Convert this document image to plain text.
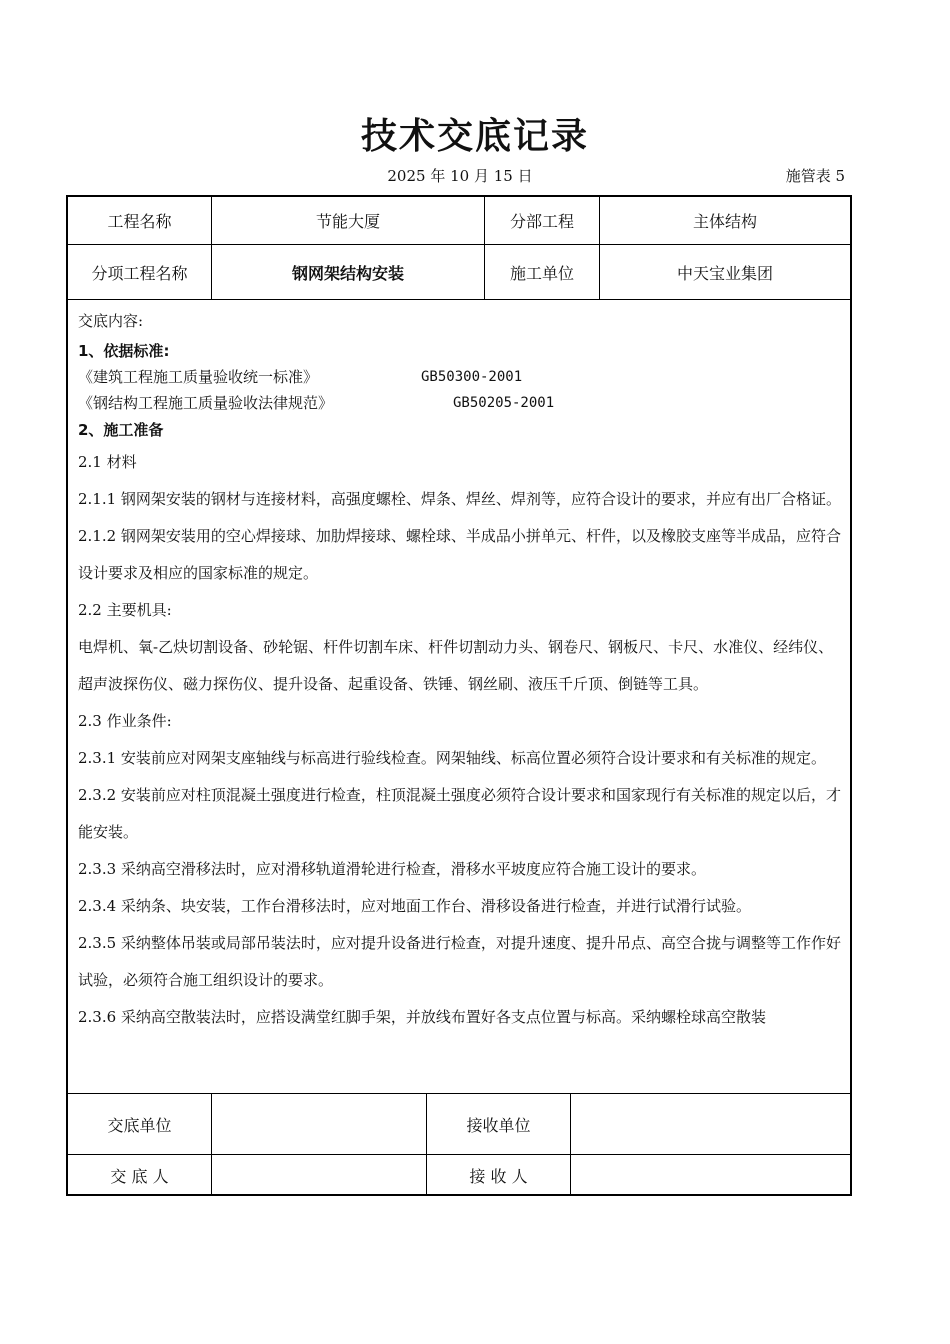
技术交底记录
2025 年 10 月 15 日	施管表 5
工程名称	节能大厦	分部工程	主体结构
分项工程名称	钢网架结构安装	施工单位	中天宝业集团

交底内容:

1、依据标准:

《建筑工程施工质量验收统一标准》	GB50300-2001
《钢结构工程施工质量验收法律规范》	GB50205-2001

2、施工准备

2.1 材料

2.1.1 钢网架安装的钢材与连接材料，高强度螺栓、焊条、焊丝、焊剂等，应符合设计的要求，并应有出厂合格证。

2.1.2 钢网架安装用的空心焊接球、加肋焊接球、螺栓球、半成品小拼单元、杆件，以及橡胶支座等半成品，应符合设计要求及相应的国家标准的规定。

2.2 主要机具:

电焊机、氧-乙炔切割设备、砂轮锯、杆件切割车床、杆件切割动力头、钢卷尺、钢板尺、卡尺、水准仪、经纬仪、超声波探伤仪、磁力探伤仪、提升设备、起重设备、铁锤、钢丝刷、液压千斤顶、倒链等工具。

2.3 作业条件:

2.3.1 安装前应对网架支座轴线与标高进行验线检查。网架轴线、标高位置必须符合设计要求和有关标准的规定。

2.3.2 安装前应对柱顶混凝土强度进行检查，柱顶混凝土强度必须符合设计要求和国家现行有关标准的规定以后，才能安装。

2.3.3 采纳高空滑移法时，应对滑移轨道滑轮进行检查，滑移水平坡度应符合施工设计的要求。

2.3.4 采纳条、块安装，工作台滑移法时，应对地面工作台、滑移设备进行检查，并进行试滑行试验。

2.3.5 采纳整体吊装或局部吊装法时，应对提升设备进行检查，对提升速度、提升吊点、高空合拢与调整等工作作好试验，必须符合施工组织设计的要求。

2.3.6 采纳高空散装法时，应搭设满堂红脚手架，并放线布置好各支点位置与标高。采纳螺栓球高空散装

交底单位	接收单位
交 底 人	接 收 人
